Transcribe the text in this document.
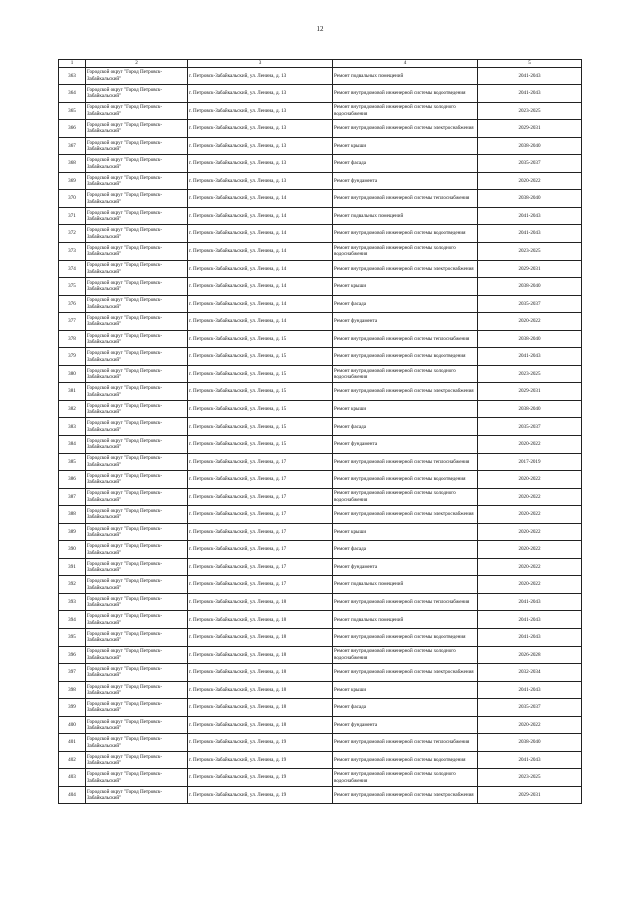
12
1	2	3	4	5
363	Городской округ "Город Петровск-Забайкальский"	г. Петровск-Забайкальский, ул. Ленина, д. 13	Ремонт подвальных помещений	2041-2043
364	Городской округ "Город Петровск-Забайкальский"	г. Петровск-Забайкальский, ул. Ленина, д. 13	Ремонт внутридомовой инженерной системы водоотведения	2041-2043
365	Городской округ "Город Петровск-Забайкальский"	г. Петровск-Забайкальский, ул. Ленина, д. 13	Ремонт внутридомовой инженерной системы холодного водоснабжения	2023-2025
366	Городской округ "Город Петровск-Забайкальский"	г. Петровск-Забайкальский, ул. Ленина, д. 13	Ремонт внутридомовой инженерной системы электроснабжения	2029-2031
367	Городской округ "Город Петровск-Забайкальский"	г. Петровск-Забайкальский, ул. Ленина, д. 13	Ремонт крыши	2038-2040
368	Городской округ "Город Петровск-Забайкальский"	г. Петровск-Забайкальский, ул. Ленина, д. 13	Ремонт фасада	2035-2037
369	Городской округ "Город Петровск-Забайкальский"	г. Петровск-Забайкальский, ул. Ленина, д. 13	Ремонт фундамента	2020-2022
370	Городской округ "Город Петровск-Забайкальский"	г. Петровск-Забайкальский, ул. Ленина, д. 14	Ремонт внутридомовой инженерной системы теплоснабжения	2038-2040
371	Городской округ "Город Петровск-Забайкальский"	г. Петровск-Забайкальский, ул. Ленина, д. 14	Ремонт подвальных помещений	2041-2043
372	Городской округ "Город Петровск-Забайкальский"	г. Петровск-Забайкальский, ул. Ленина, д. 14	Ремонт внутридомовой инженерной системы водоотведения	2041-2043
373	Городской округ "Город Петровск-Забайкальский"	г. Петровск-Забайкальский, ул. Ленина, д. 14	Ремонт внутридомовой инженерной системы холодного водоснабжения	2023-2025
374	Городской округ "Город Петровск-Забайкальский"	г. Петровск-Забайкальский, ул. Ленина, д. 14	Ремонт внутридомовой инженерной системы электроснабжения	2029-2031
375	Городской округ "Город Петровск-Забайкальский"	г. Петровск-Забайкальский, ул. Ленина, д. 14	Ремонт крыши	2038-2040
376	Городской округ "Город Петровск-Забайкальский"	г. Петровск-Забайкальский, ул. Ленина, д. 14	Ремонт фасада	2035-2037
377	Городской округ "Город Петровск-Забайкальский"	г. Петровск-Забайкальский, ул. Ленина, д. 14	Ремонт фундамента	2020-2022
378	Городской округ "Город Петровск-Забайкальский"	г. Петровск-Забайкальский, ул. Ленина, д. 15	Ремонт внутридомовой инженерной системы теплоснабжения	2038-2040
379	Городской округ "Город Петровск-Забайкальский"	г. Петровск-Забайкальский, ул. Ленина, д. 15	Ремонт внутридомовой инженерной системы водоотведения	2041-2043
380	Городской округ "Город Петровск-Забайкальский"	г. Петровск-Забайкальский, ул. Ленина, д. 15	Ремонт внутридомовой инженерной системы холодного водоснабжения	2023-2025
381	Городской округ "Город Петровск-Забайкальский"	г. Петровск-Забайкальский, ул. Ленина, д. 15	Ремонт внутридомовой инженерной системы электроснабжения	2029-2031
382	Городской округ "Город Петровск-Забайкальский"	г. Петровск-Забайкальский, ул. Ленина, д. 15	Ремонт крыши	2038-2040
383	Городской округ "Город Петровск-Забайкальский"	г. Петровск-Забайкальский, ул. Ленина, д. 15	Ремонт фасада	2035-2037
384	Городской округ "Город Петровск-Забайкальский"	г. Петровск-Забайкальский, ул. Ленина, д. 15	Ремонт фундамента	2020-2022
385	Городской округ "Город Петровск-Забайкальский"	г. Петровск-Забайкальский, ул. Ленина, д. 17	Ремонт внутридомовой инженерной системы теплоснабжения	2017-2019
386	Городской округ "Город Петровск-Забайкальский"	г. Петровск-Забайкальский, ул. Ленина, д. 17	Ремонт внутридомовой инженерной системы водоотведения	2020-2022
387	Городской округ "Город Петровск-Забайкальский"	г. Петровск-Забайкальский, ул. Ленина, д. 17	Ремонт внутридомовой инженерной системы холодного водоснабжения	2020-2022
388	Городской округ "Город Петровск-Забайкальский"	г. Петровск-Забайкальский, ул. Ленина, д. 17	Ремонт внутридомовой инженерной системы электроснабжения	2020-2022
389	Городской округ "Город Петровск-Забайкальский"	г. Петровск-Забайкальский, ул. Ленина, д. 17	Ремонт крыши	2020-2022
390	Городской округ "Город Петровск-Забайкальский"	г. Петровск-Забайкальский, ул. Ленина, д. 17	Ремонт фасада	2020-2022
391	Городской округ "Город Петровск-Забайкальский"	г. Петровск-Забайкальский, ул. Ленина, д. 17	Ремонт фундамента	2020-2022
392	Городской округ "Город Петровск-Забайкальский"	г. Петровск-Забайкальский, ул. Ленина, д. 17	Ремонт подвальных помещений	2020-2022
393	Городской округ "Город Петровск-Забайкальский"	г. Петровск-Забайкальский, ул. Ленина, д. 18	Ремонт внутридомовой инженерной системы теплоснабжения	2041-2043
394	Городской округ "Город Петровск-Забайкальский"	г. Петровск-Забайкальский, ул. Ленина, д. 18	Ремонт подвальных помещений	2041-2043
395	Городской округ "Город Петровск-Забайкальский"	г. Петровск-Забайкальский, ул. Ленина, д. 18	Ремонт внутридомовой инженерной системы водоотведения	2041-2043
396	Городской округ "Город Петровск-Забайкальский"	г. Петровск-Забайкальский, ул. Ленина, д. 18	Ремонт внутридомовой инженерной системы холодного водоснабжения	2026-2028
397	Городской округ "Город Петровск-Забайкальский"	г. Петровск-Забайкальский, ул. Ленина, д. 18	Ремонт внутридомовой инженерной системы электроснабжения	2032-2034
398	Городской округ "Город Петровск-Забайкальский"	г. Петровск-Забайкальский, ул. Ленина, д. 18	Ремонт крыши	2041-2043
399	Городской округ "Город Петровск-Забайкальский"	г. Петровск-Забайкальский, ул. Ленина, д. 18	Ремонт фасада	2035-2037
400	Городской округ "Город Петровск-Забайкальский"	г. Петровск-Забайкальский, ул. Ленина, д. 18	Ремонт фундамента	2020-2022
401	Городской округ "Город Петровск-Забайкальский"	г. Петровск-Забайкальский, ул. Ленина, д. 19	Ремонт внутридомовой инженерной системы теплоснабжения	2038-2040
402	Городской округ "Город Петровск-Забайкальский"	г. Петровск-Забайкальский, ул. Ленина, д. 19	Ремонт внутридомовой инженерной системы водоотведения	2041-2043
403	Городской округ "Город Петровск-Забайкальский"	г. Петровск-Забайкальский, ул. Ленина, д. 19	Ремонт внутридомовой инженерной системы холодного водоснабжения	2023-2025
404	Городской округ "Город Петровск-Забайкальский"	г. Петровск-Забайкальский, ул. Ленина, д. 19	Ремонт внутридомовой инженерной системы электроснабжения	2029-2031
